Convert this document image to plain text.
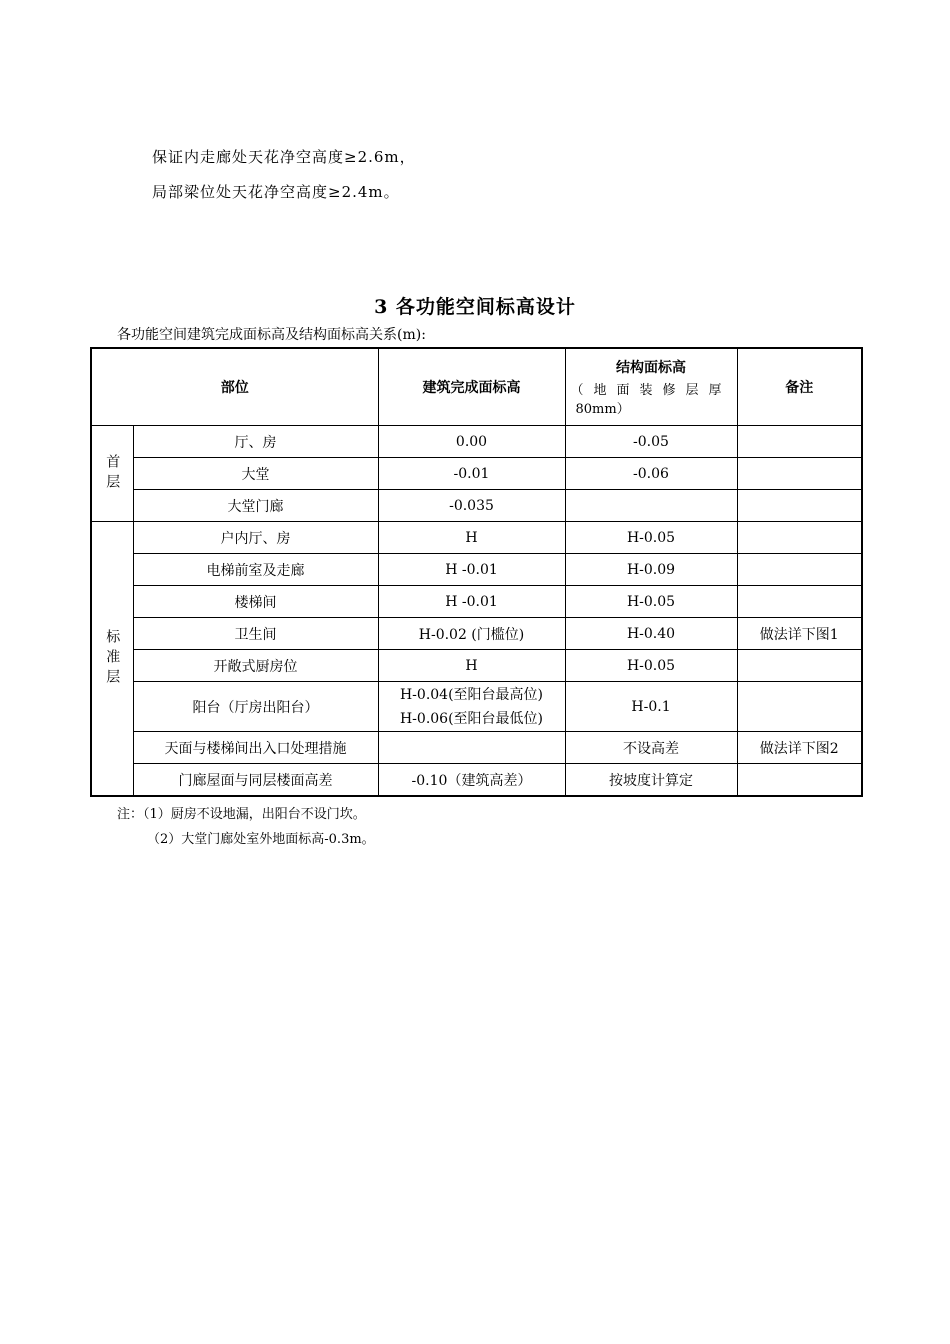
保证内走廊处天花净空高度≥2.6m，
局部梁位处天花净空高度≥2.4m。
3 各功能空间标高设计
各功能空间建筑完成面标高及结构面标高关系(m):
部位		建筑完成面标高	结构面标高
（地面装修层厚
80mm）	备注
首层	厅、房	0.00	-0.05	
	大堂	-0.01	-0.06	
	大堂门廊	-0.035		
标准层	户内厅、房	H	H-0.05	
	电梯前室及走廊	H -0.01	H-0.09	
	楼梯间	H -0.01	H-0.05	
	卫生间	H-0.02 (门槛位)	H-0.40	做法详下图1
	开敞式厨房位	H	H-0.05	
	阳台（厅房出阳台）	H-0.04(至阳台最高位)
H-0.06(至阳台最低位)	H-0.1	
	天面与楼梯间出入口处理措施		不设高差	做法详下图2
	门廊屋面与同层楼面高差	-0.10（建筑高差）	按坡度计算定	
注：（1）厨房不设地漏，出阳台不设门坎。
（2）大堂门廊处室外地面标高-0.3m。
